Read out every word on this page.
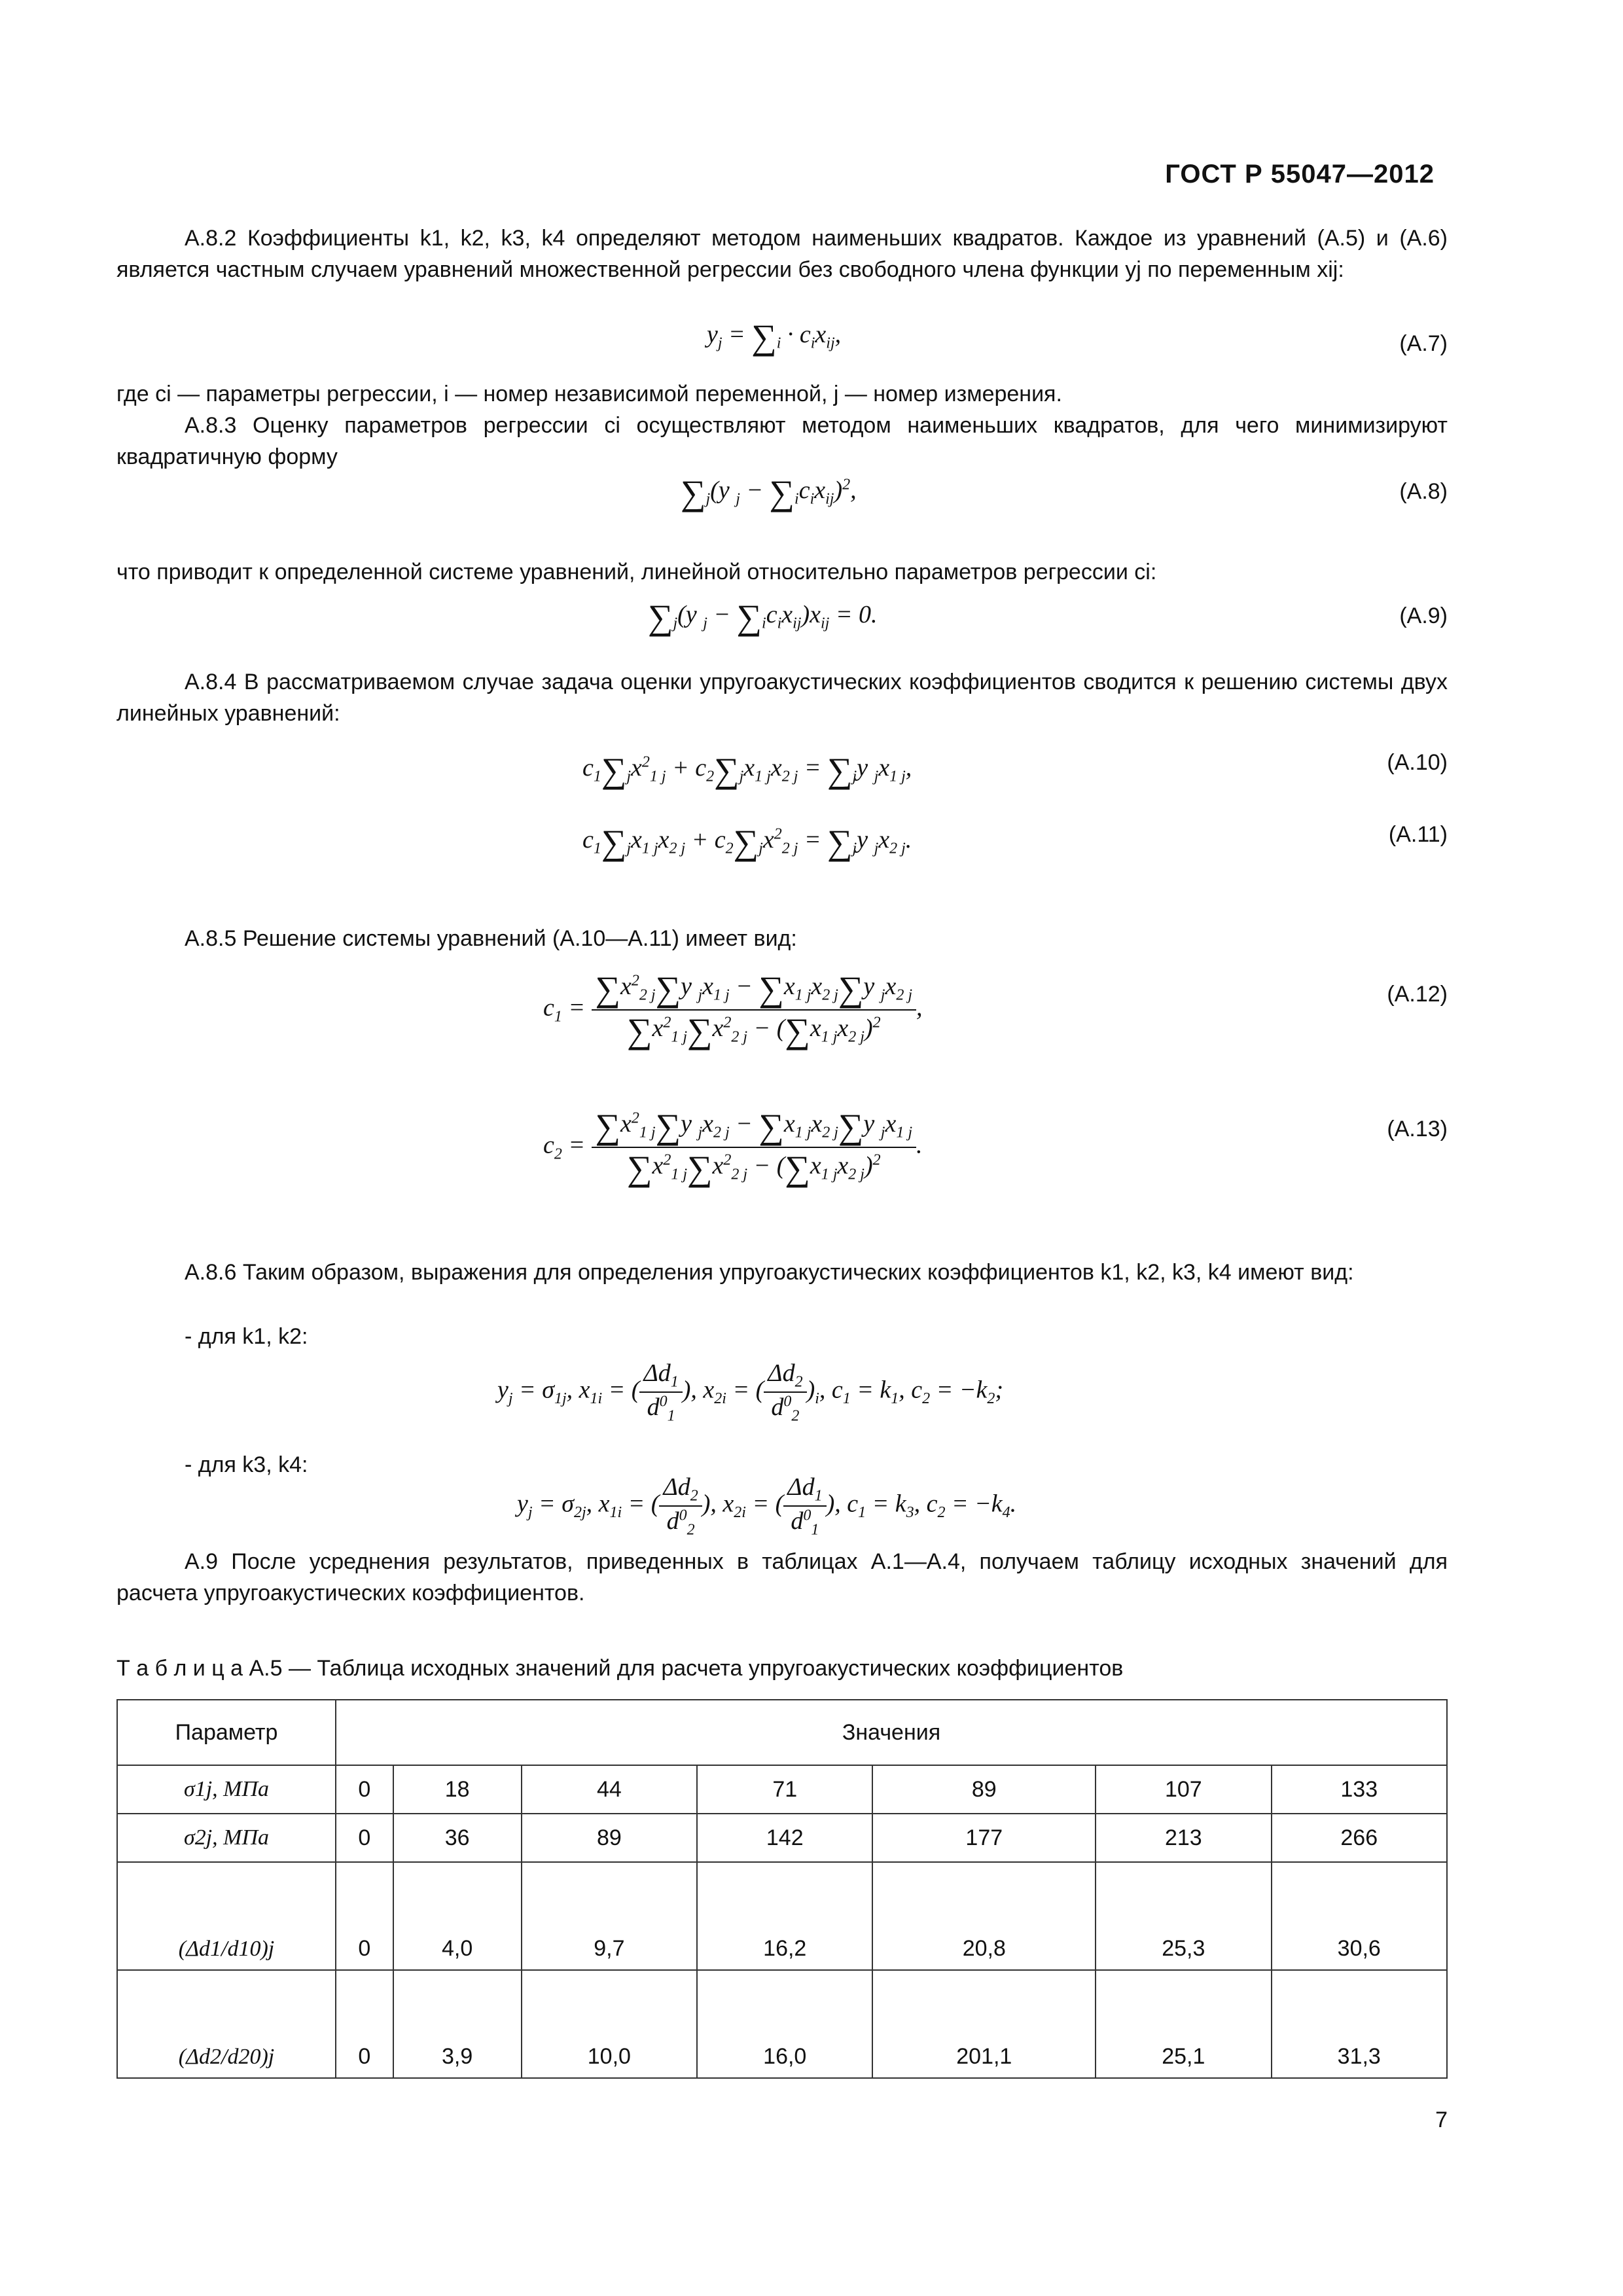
ГОСТ Р 55047—2012
А.8.2 Коэффициенты k1, k2, k3, k4 определяют методом наименьших квадратов. Каждое из уравнений (А.5) и (А.6) является частным случаем уравнений множественной регрессии без свободного члена функции yj по переменным xij:
$y_j = \sum_i \cdot c_ix_{ij}$,	(А.7)
где ci — параметры регрессии, i — номер независимой переменной, j — номер измерения.
А.8.3 Оценку параметров регрессии ci осуществляют методом наименьших квадратов, для чего минимизируют квадратичную форму
$\sum_j(y$ $_j - \sum_ic_ix_{ij})^2$,	(А.8)
что приводит к определенной системе уравнений, линейной относительно параметров регрессии ci:
$\sum_j(y$ $_j - \sum_ic_ix_{ij})x_{ij} = 0$.	(А.9)
А.8.4 В рассматриваемом случае задача оценки упругоакустических коэффициентов сводится к решению системы двух линейных уравнений:
$c_1\sum_jx^2_{1 j} + c_2\sum_jx_{1 j}x_{2 j} = \sum_jy$ $_jx_{1 j}$,	(А.10)
$c_1\sum_jx_{1 j}x_{2 j} + c_2\sum_jx^2_{2 j} = \sum_jy$ $_jx_{2 j}$.	(А.11)
А.8.5 Решение системы уравнений (А.10—А.11) имеет вид:
$c_1 = \frac{\sum x^2_{2 j}\sum y _jx_{1 j} - \sum x_{1 j}x_{2 j}\sum y _jx_{2 j}}{\sum x^2_{1 j}\sum x^2_{2 j} - (\sum x_{1 j}x_{2 j})^2}$ ,	(А.12)
$c_2 = \frac{\sum x^2_{1 j}\sum y _jx_{2 j} - \sum x_{1 j}x_{2 j}\sum y _jx_{1 j}}{\sum x^2_{1 j}\sum x^2_{2 j} - (\sum x_{1 j}x_{2 j})^2}$ .
(А.13)
А.8.6 Таким образом, выражения для определения упругоакустических коэффициентов k1, k2, k3, k4 имеют вид:
- для k1, k2:
$y_j = \sigma_{1j}$, $x_{1i}$ = ( $\frac{\Delta d_1}{d^0_1}$ ), $x_{2i}$ = ( $\frac{\Delta d_2}{d^0_2} )_i$, $c_1 = k_1$, $c_2 = -k_2$;
- для k3, k4:
$y_j = \sigma_{2j}$, $x_{1i}$ = ( $\frac{\Delta d_2}{d^0_2}$ ), $x_{2i}$ = ( $\frac{\Delta d_1}{d^0_1}$ ), $c_1 = k_3$, $c_2 = -k_4$.
А.9 После усреднения результатов, приведенных в таблицах А.1—А.4, получаем таблицу исходных значений для расчета упругоакустических коэффициентов.
Т а б л и ц а А.5 — Таблица исходных значений для расчета упругоакустических коэффициентов
Параметр	Значения						
σ1j, МПа	0	18	44	71	89	107	133
σ2j, МПа	0	36	89	142	177	213	266
(Δd1/d10)j	0	4,0	9,7	16,2	20,8	25,3	30,6
(Δd2/d20)j	0	3,9	10,0	16,0	201,1	25,1	31,3
7
